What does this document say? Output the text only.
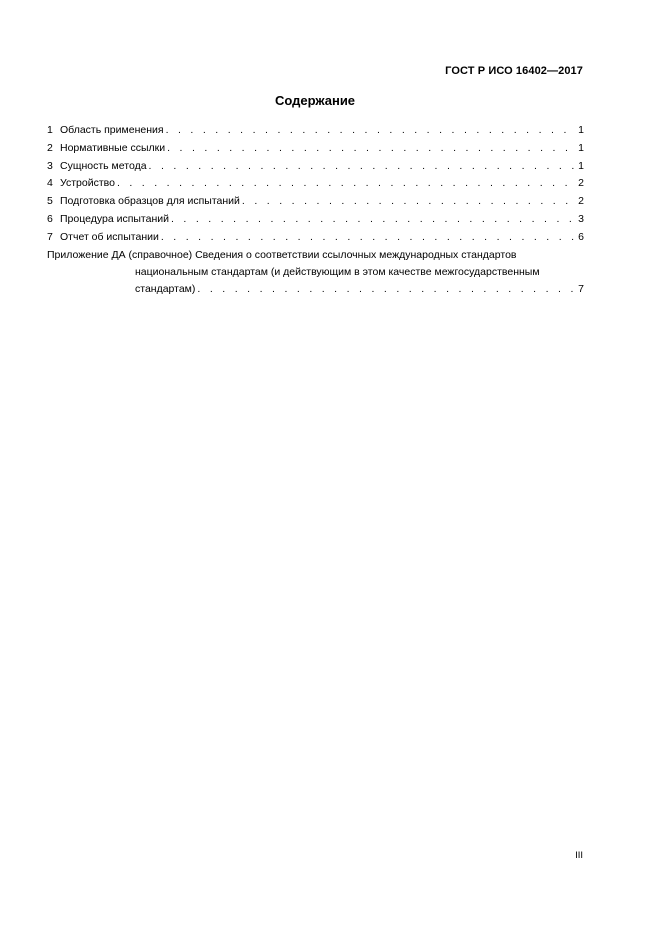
ГОСТ Р ИСО 16402—2017
Содержание
1 Область применения . . .	1
2 Нормативные ссылки . . .	1
3 Сущность метода . . .	1
4 Устройство . . .	2
5 Подготовка образцов для испытаний . . .	2
6 Процедура испытаний . . .	3
7 Отчет об испытании . . .	6
Приложение ДА (справочное) Сведения о соответствии ссылочных международных стандартов
национальным стандартам (и действующим в этом качестве межгосударственным
стандартам) . . .	7
III
